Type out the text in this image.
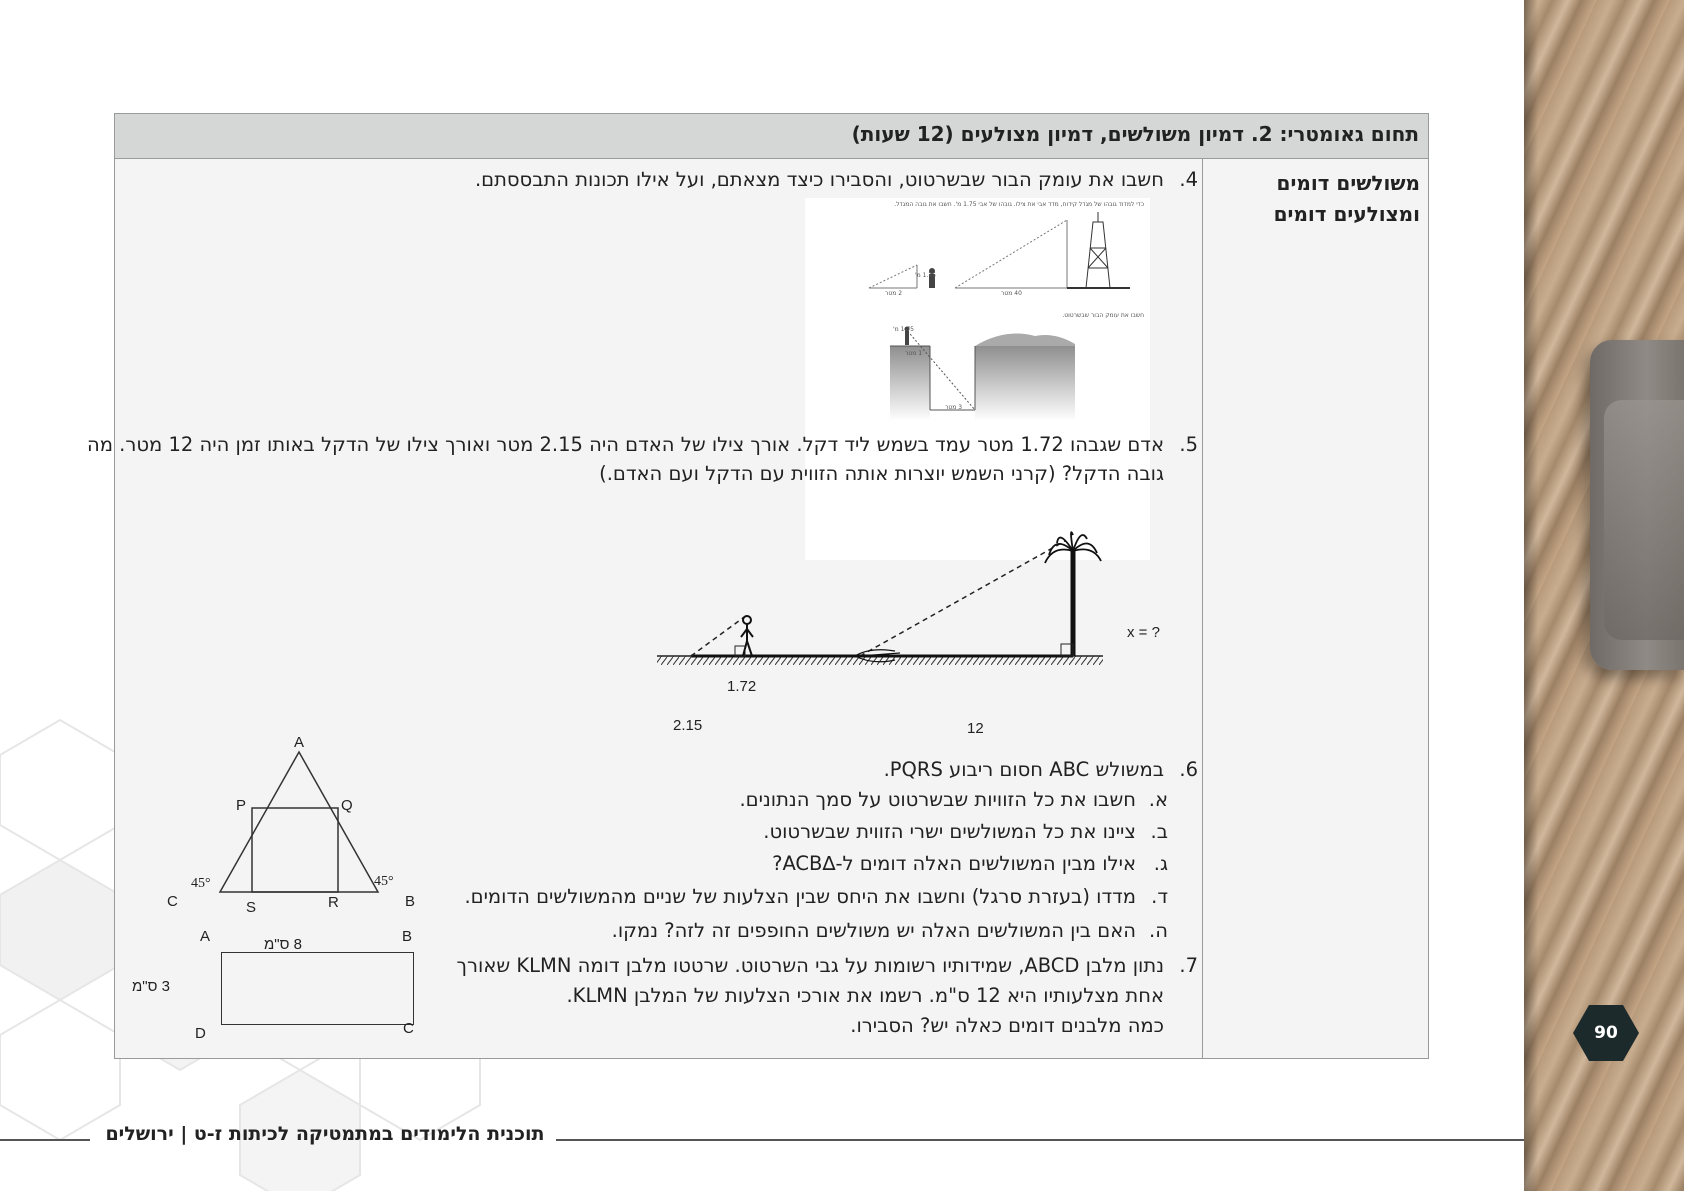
90
תחום גאומטרי: 2. דמיון משולשים, דמיון מצולעים (12 שעות)
משולשים דומים
ומצולעים דומים
4.
חשבו את עומק הבור שבשרטוט, והסבירו כיצד מצאתם, ועל אילו תכונות התבססתם.
כדי למדוד גובהו של מגדל קידוח, מדד אבי את צילו. גובהו של אבי 1.75 מ'. חשבו את גובה המגדל.
2 מטר
1.75 מ'
40 מטר
חשבו את עומק הבור שבשרטוט.
1.75 מ'
1 מטר
3 מטר
5.
אדם שגבהו 1.72 מטר עמד בשמש ליד דקל. אורך צילו של האדם היה 2.15 מטר ואורך צילו של הדקל באותו זמן היה 12 מטר. מה
גובה הדקל? (קרני השמש יוצרות אותה הזווית עם הדקל ועם האדם.)
x = ?
1.72
2.15	12
6.
במשולש ABC חסום ריבוע PQRS.
א.
חשבו את כל הזוויות שבשרטוט על סמך הנתונים.
ב.
ציינו את כל המשולשים ישרי הזווית שבשרטוט.
ג.
אילו מבין המשולשים האלה דומים ל-∆ACB?
ד.
מדדו (בעזרת סרגל) וחשבו את היחס שבין הצלעות של שניים מהמשולשים הדומים.
ה.
האם בין המשולשים האלה יש משולשים החופפים זה לזה? נמקו.
A
P	Q
C	S	R	B
45°	45°
7.
נתון מלבן ABCD, שמידותיו רשומות על גבי השרטוט. שרטטו מלבן דומה KLMN שאורך
אחת מצלעותיו היא 12 ס"מ. רשמו את אורכי הצלעות של המלבן KLMN.
כמה מלבנים דומים כאלה יש? הסבירו.
A	B
C
D
8 ס"מ
3 ס"מ
תוכנית הלימודים במתמטיקה לכיתות ז-ט | ירושלים
